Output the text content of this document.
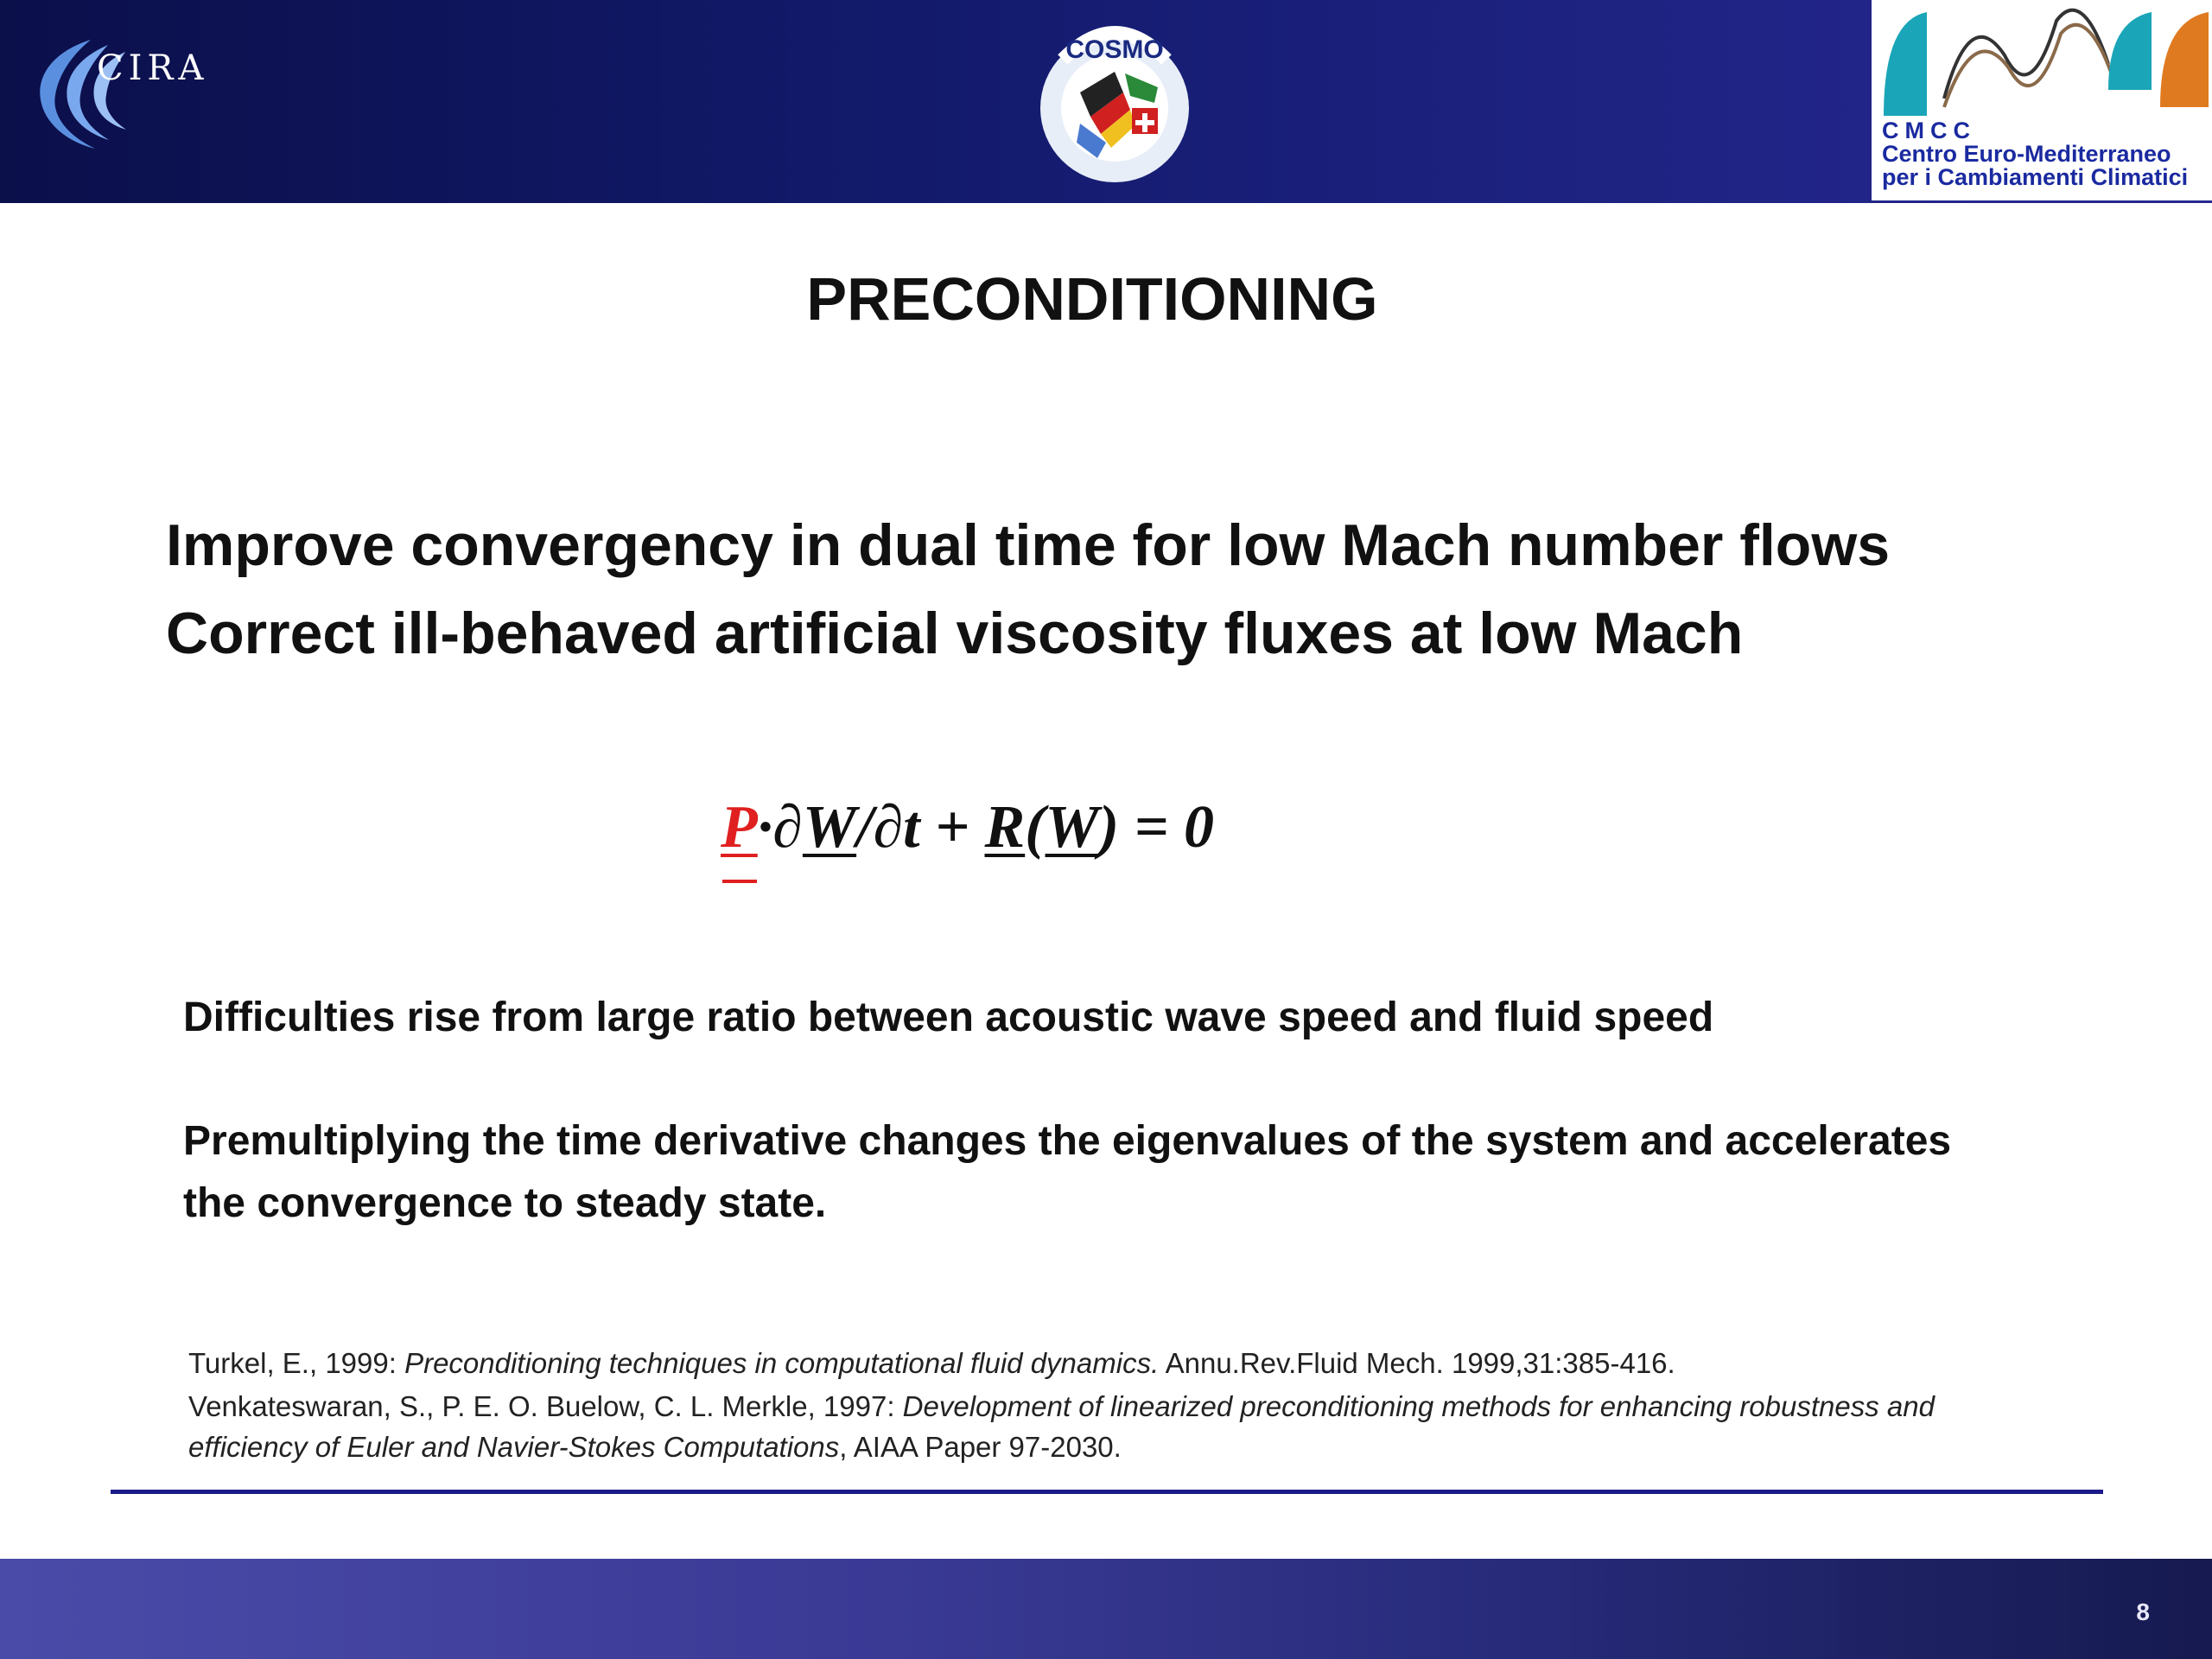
CIRA	COSMO
CMCC
Centro Euro-Mediterraneo
per i Cambiamenti Climatici
PRECONDITIONING
Improve convergency in dual time for low Mach number flows
Correct ill-behaved artificial viscosity fluxes at low Mach
P·∂W/∂t + R(W) = 0
Difficulties rise from large ratio between acoustic wave speed and fluid speed
Premultiplying the time derivative changes the eigenvalues of the system and accelerates the convergence to steady state.
Turkel, E., 1999: Preconditioning techniques in computational fluid dynamics. Annu.Rev.Fluid Mech. 1999,31:385-416.
Venkateswaran, S., P. E. O. Buelow, C. L. Merkle, 1997: Development of linearized preconditioning methods for enhancing robustness and efficiency of Euler and Navier-Stokes Computations, AIAA Paper 97-2030.
8
